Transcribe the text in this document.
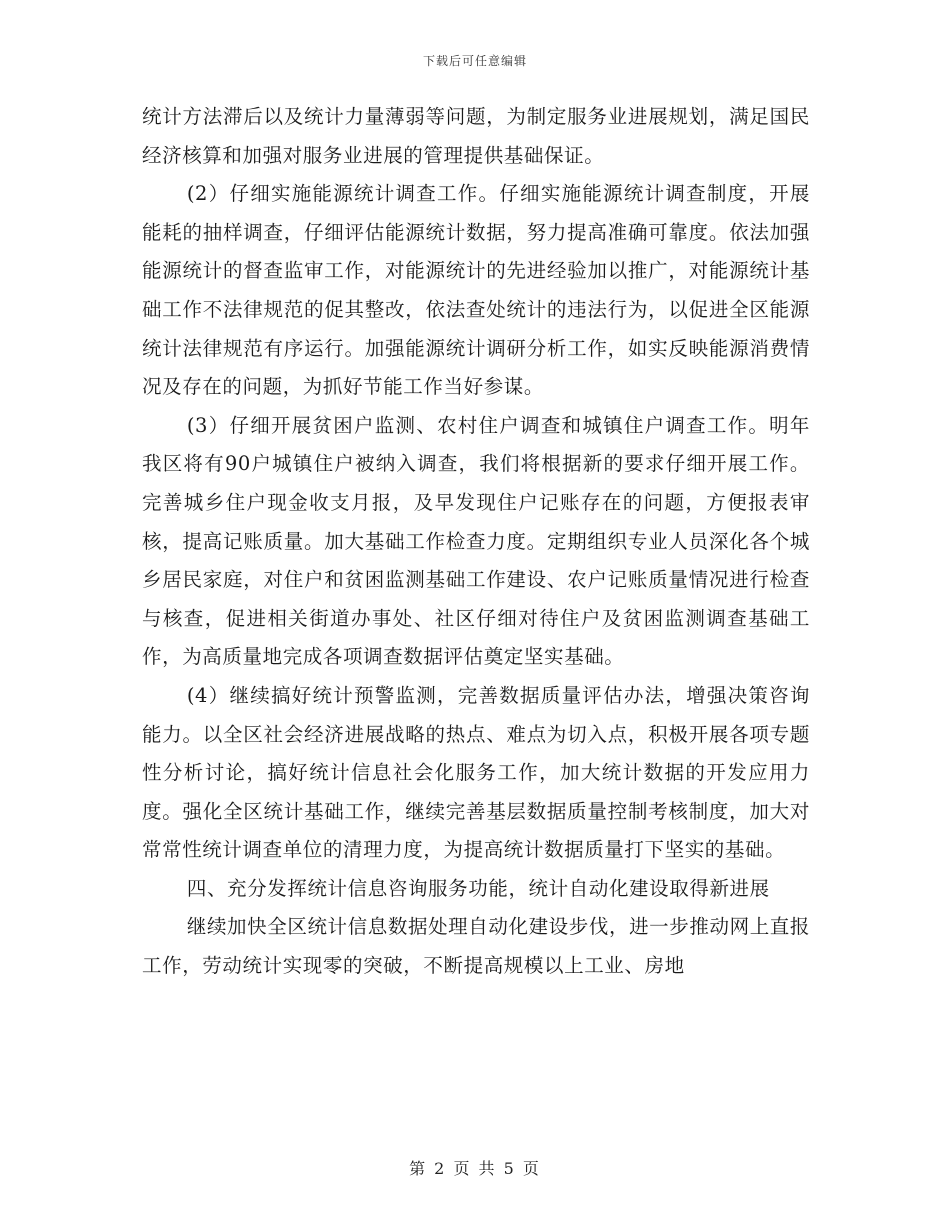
下载后可任意编辑

统计方法滞后以及统计力量薄弱等问题，为制定服务业进展规划，满足国民经济核算和加强对服务业进展的管理提供基础保证。

(2）仔细实施能源统计调查工作。仔细实施能源统计调查制度，开展能耗的抽样调查，仔细评估能源统计数据，努力提高准确可靠度。依法加强能源统计的督查监审工作，对能源统计的先进经验加以推广，对能源统计基础工作不法律规范的促其整改，依法查处统计的违法行为，以促进全区能源统计法律规范有序运行。加强能源统计调研分析工作，如实反映能源消费情况及存在的问题，为抓好节能工作当好参谋。

(3）仔细开展贫困户监测、农村住户调查和城镇住户调查工作。明年我区将有90户城镇住户被纳入调查，我们将根据新的要求仔细开展工作。完善城乡住户现金收支月报，及早发现住户记账存在的问题，方便报表审核，提高记账质量。加大基础工作检查力度。定期组织专业人员深化各个城乡居民家庭，对住户和贫困监测基础工作建设、农户记账质量情况进行检查与核查，促进相关街道办事处、社区仔细对待住户及贫困监测调查基础工作，为高质量地完成各项调查数据评估奠定坚实基础。

(4）继续搞好统计预警监测，完善数据质量评估办法，增强决策咨询能力。以全区社会经济进展战略的热点、难点为切入点，积极开展各项专题性分析讨论，搞好统计信息社会化服务工作，加大统计数据的开发应用力度。强化全区统计基础工作，继续完善基层数据质量控制考核制度，加大对常常性统计调查单位的清理力度，为提高统计数据质量打下坚实的基础。

四、充分发挥统计信息咨询服务功能，统计自动化建设取得新进展

继续加快全区统计信息数据处理自动化建设步伐，进一步推动网上直报工作，劳动统计实现零的突破，不断提高规模以上工业、房地

第 2 页 共 5 页
